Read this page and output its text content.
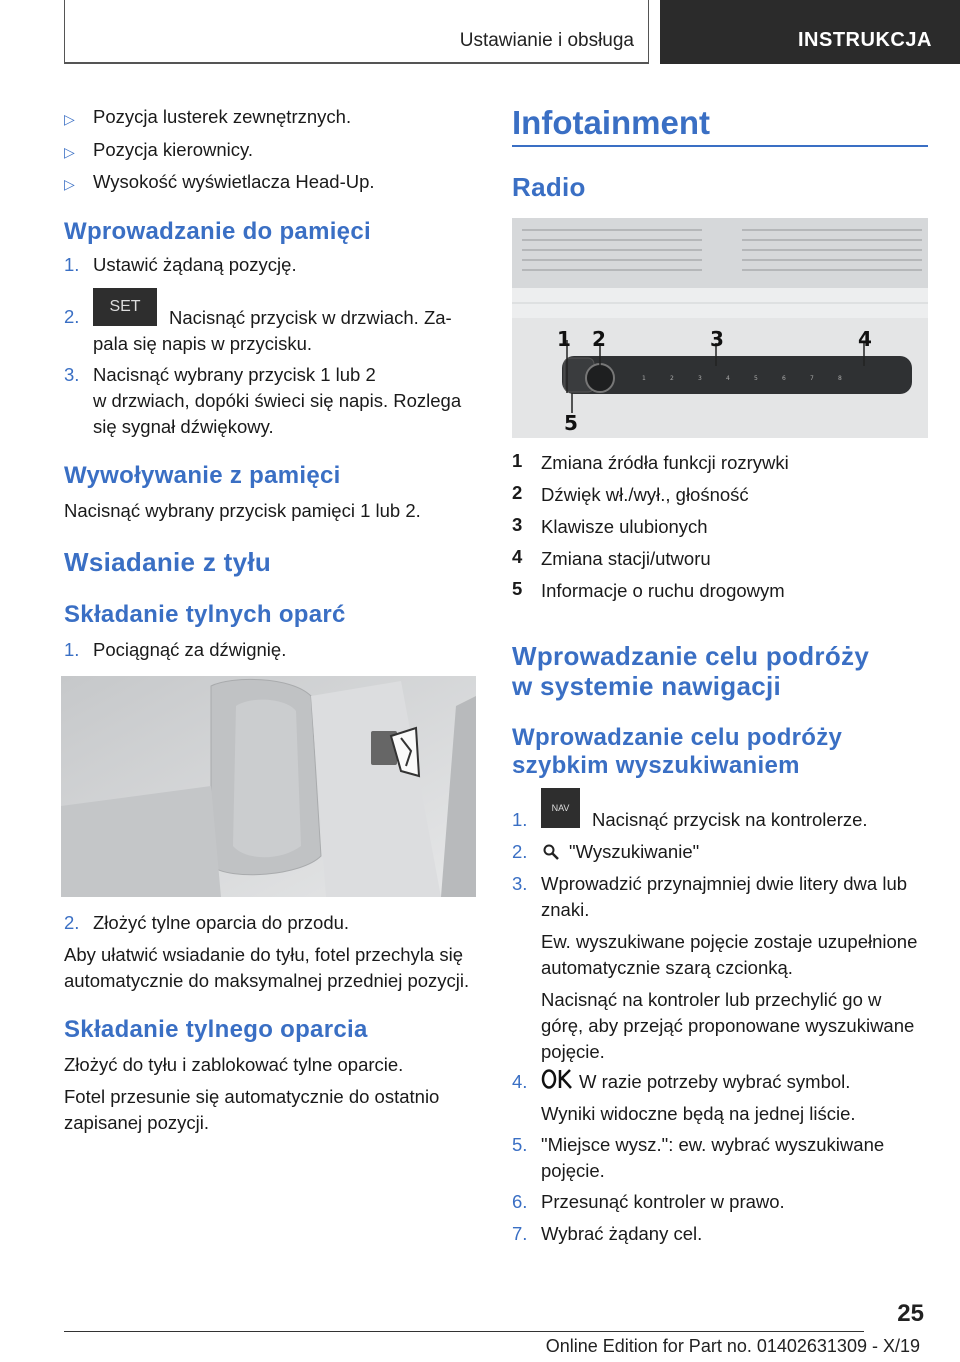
Ustawianie i obsługa	INSTRUKCJA
▷ Pozycja lusterek zewnętrznych.
▷ Pozycja kierownicy.
▷ Wysokość wyświetlacza Head-Up.
Wprowadzanie do pamięci
1. Ustawić żądaną pozycję.
2.	SET
Nacisnąć przycisk w drzwiach. Za-
pala się napis w przycisku.
3. Nacisnąć wybrany przycisk 1 lub 2
w drzwiach, dopóki świeci się napis. Rozlega
się sygnał dźwiękowy.
Wywoływanie z pamięci
Nacisnąć wybrany przycisk pamięci 1 lub 2.
Wsiadanie z tyłu
Składanie tylnych oparć
1. Pociągnąć za dźwignię.
2. Złożyć tylne oparcia do przodu.
Aby ułatwić wsiadanie do tyłu, fotel przechyla się
automatycznie do maksymalnej przedniej pozycji.
Składanie tylnego oparcia
Złożyć do tyłu i zablokować tylne oparcie.
Fotel przesunie się automatycznie do ostatnio
zapisanej pozycji.
Infotainment
Radio
1	2	3	4	5	6	7	8
1 2	3	4
5
1 Zmiana źródła funkcji rozrywki
2 Dźwięk wł./wył., głośność
3 Klawisze ulubionych
4 Zmiana stacji/utworu
5 Informacje o ruchu drogowym
Wprowadzanie celu podróży
w systemie nawigacji
Wprowadzanie celu podróży
szybkim wyszukiwaniem
1.
NAV
Nacisnąć przycisk na kontrolerze.
2. "Wyszukiwanie"
3. Wprowadzić przynajmniej dwie litery dwa lub
znaki.
Ew. wyszukiwane pojęcie zostaje uzupełnione
automatycznie szarą czcionką.
Nacisnąć na kontroler lub przechylić go w
górę, aby przejąć proponowane wyszukiwane
pojęcie.
4.	W razie potrzeby wybrać symbol.
Wyniki widoczne będą na jednej liście.
5. "Miejsce wysz.": ew. wybrać wyszukiwane
pojęcie.
6. Przesunąć kontroler w prawo.
7. Wybrać żądany cel.
25
Online Edition for Part no. 01402631309 - X/19
